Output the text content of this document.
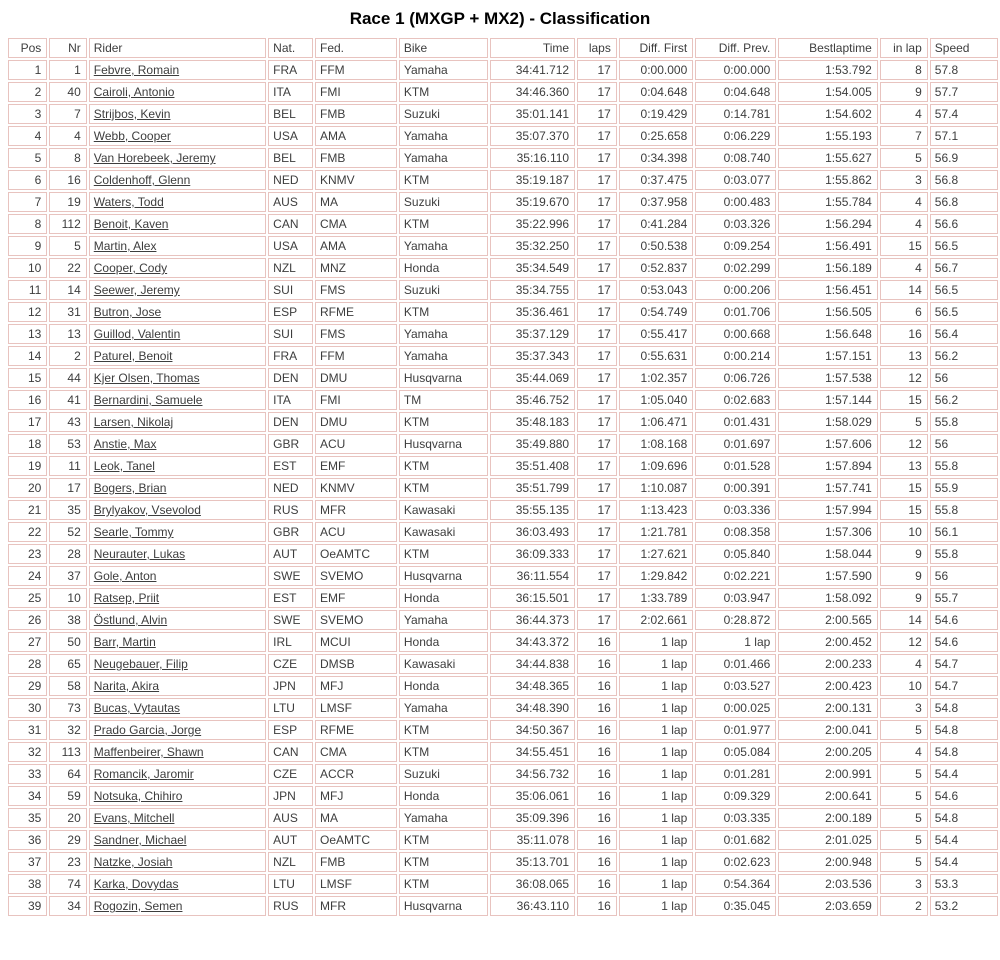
Race 1 (MXGP + MX2) - Classification
Pos	Nr	Rider	Nat.	Fed.	Bike	Time	laps	Diff. First	Diff. Prev.	Bestlaptime	in lap	Speed
1	1	Febvre, Romain	FRA	FFM	Yamaha	34:41.712	17	0:00.000	0:00.000	1:53.792	8	57.8
2	40	Cairoli, Antonio	ITA	FMI	KTM	34:46.360	17	0:04.648	0:04.648	1:54.005	9	57.7
3	7	Strijbos, Kevin	BEL	FMB	Suzuki	35:01.141	17	0:19.429	0:14.781	1:54.602	4	57.4
4	4	Webb, Cooper	USA	AMA	Yamaha	35:07.370	17	0:25.658	0:06.229	1:55.193	7	57.1
5	8	Van Horebeek, Jeremy	BEL	FMB	Yamaha	35:16.110	17	0:34.398	0:08.740	1:55.627	5	56.9
6	16	Coldenhoff, Glenn	NED	KNMV	KTM	35:19.187	17	0:37.475	0:03.077	1:55.862	3	56.8
7	19	Waters, Todd	AUS	MA	Suzuki	35:19.670	17	0:37.958	0:00.483	1:55.784	4	56.8
8	112	Benoit, Kaven	CAN	CMA	KTM	35:22.996	17	0:41.284	0:03.326	1:56.294	4	56.6
9	5	Martin, Alex	USA	AMA	Yamaha	35:32.250	17	0:50.538	0:09.254	1:56.491	15	56.5
10	22	Cooper, Cody	NZL	MNZ	Honda	35:34.549	17	0:52.837	0:02.299	1:56.189	4	56.7
11	14	Seewer, Jeremy	SUI	FMS	Suzuki	35:34.755	17	0:53.043	0:00.206	1:56.451	14	56.5
12	31	Butron, Jose	ESP	RFME	KTM	35:36.461	17	0:54.749	0:01.706	1:56.505	6	56.5
13	13	Guillod, Valentin	SUI	FMS	Yamaha	35:37.129	17	0:55.417	0:00.668	1:56.648	16	56.4
14	2	Paturel, Benoit	FRA	FFM	Yamaha	35:37.343	17	0:55.631	0:00.214	1:57.151	13	56.2
15	44	Kjer Olsen, Thomas	DEN	DMU	Husqvarna	35:44.069	17	1:02.357	0:06.726	1:57.538	12	56
16	41	Bernardini, Samuele	ITA	FMI	TM	35:46.752	17	1:05.040	0:02.683	1:57.144	15	56.2
17	43	Larsen, Nikolaj	DEN	DMU	KTM	35:48.183	17	1:06.471	0:01.431	1:58.029	5	55.8
18	53	Anstie, Max	GBR	ACU	Husqvarna	35:49.880	17	1:08.168	0:01.697	1:57.606	12	56
19	11	Leok, Tanel	EST	EMF	KTM	35:51.408	17	1:09.696	0:01.528	1:57.894	13	55.8
20	17	Bogers, Brian	NED	KNMV	KTM	35:51.799	17	1:10.087	0:00.391	1:57.741	15	55.9
21	35	Brylyakov, Vsevolod	RUS	MFR	Kawasaki	35:55.135	17	1:13.423	0:03.336	1:57.994	15	55.8
22	52	Searle, Tommy	GBR	ACU	Kawasaki	36:03.493	17	1:21.781	0:08.358	1:57.306	10	56.1
23	28	Neurauter, Lukas	AUT	OeAMTC	KTM	36:09.333	17	1:27.621	0:05.840	1:58.044	9	55.8
24	37	Gole, Anton	SWE	SVEMO	Husqvarna	36:11.554	17	1:29.842	0:02.221	1:57.590	9	56
25	10	Ratsep, Priit	EST	EMF	Honda	36:15.501	17	1:33.789	0:03.947	1:58.092	9	55.7
26	38	Östlund, Alvin	SWE	SVEMO	Yamaha	36:44.373	17	2:02.661	0:28.872	2:00.565	14	54.6
27	50	Barr, Martin	IRL	MCUI	Honda	34:43.372	16	1 lap	1 lap	2:00.452	12	54.6
28	65	Neugebauer, Filip	CZE	DMSB	Kawasaki	34:44.838	16	1 lap	0:01.466	2:00.233	4	54.7
29	58	Narita, Akira	JPN	MFJ	Honda	34:48.365	16	1 lap	0:03.527	2:00.423	10	54.7
30	73	Bucas, Vytautas	LTU	LMSF	Yamaha	34:48.390	16	1 lap	0:00.025	2:00.131	3	54.8
31	32	Prado Garcia, Jorge	ESP	RFME	KTM	34:50.367	16	1 lap	0:01.977	2:00.041	5	54.8
32	113	Maffenbeirer, Shawn	CAN	CMA	KTM	34:55.451	16	1 lap	0:05.084	2:00.205	4	54.8
33	64	Romancik, Jaromir	CZE	ACCR	Suzuki	34:56.732	16	1 lap	0:01.281	2:00.991	5	54.4
34	59	Notsuka, Chihiro	JPN	MFJ	Honda	35:06.061	16	1 lap	0:09.329	2:00.641	5	54.6
35	20	Evans, Mitchell	AUS	MA	Yamaha	35:09.396	16	1 lap	0:03.335	2:00.189	5	54.8
36	29	Sandner, Michael	AUT	OeAMTC	KTM	35:11.078	16	1 lap	0:01.682	2:01.025	5	54.4
37	23	Natzke, Josiah	NZL	FMB	KTM	35:13.701	16	1 lap	0:02.623	2:00.948	5	54.4
38	74	Karka, Dovydas	LTU	LMSF	KTM	36:08.065	16	1 lap	0:54.364	2:03.536	3	53.3
39	34	Rogozin, Semen	RUS	MFR	Husqvarna	36:43.110	16	1 lap	0:35.045	2:03.659	2	53.2
